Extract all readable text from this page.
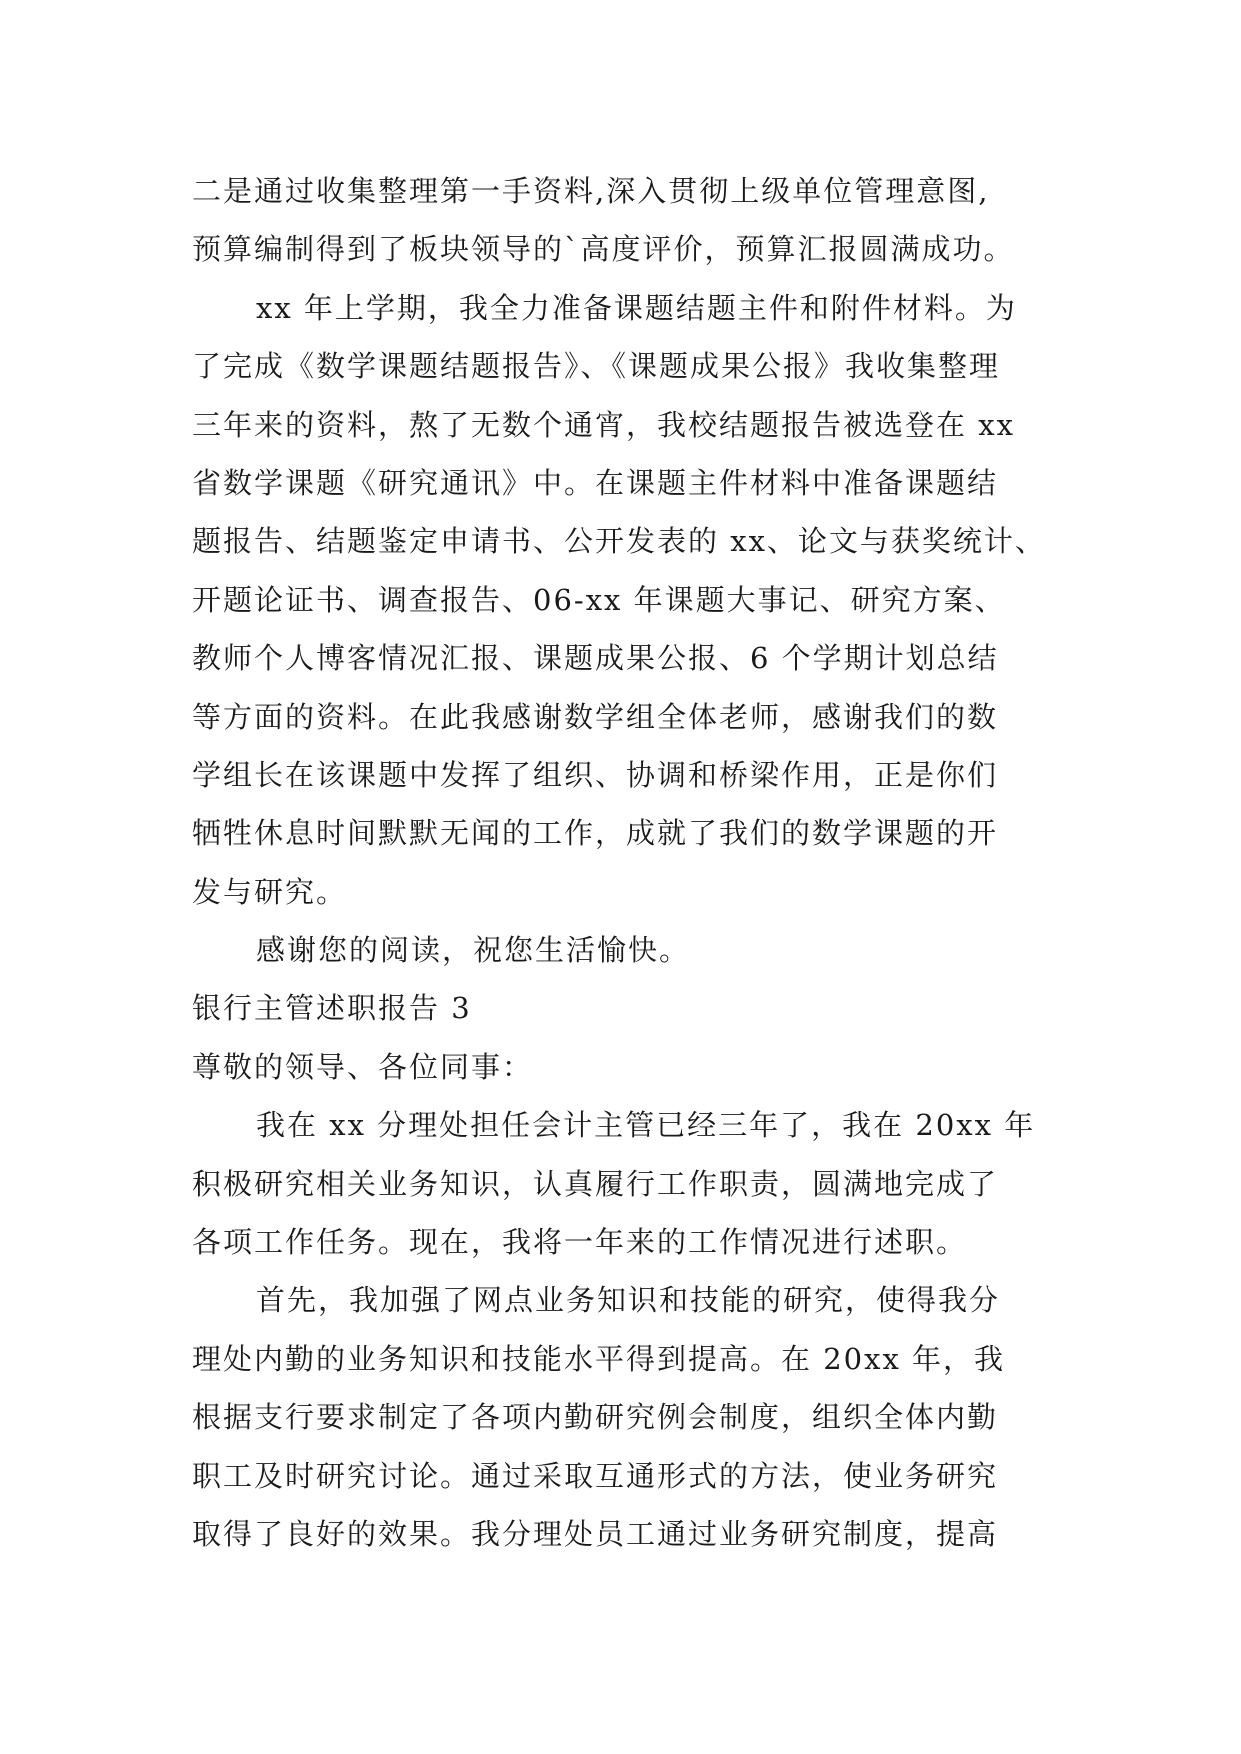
二是通过收集整理第一手资料,深入贯彻上级单位管理意图,
预算编制得到了板块领导的`高度评价，预算汇报圆满成功。
xx 年上学期，我全力准备课题结题主件和附件材料。为
了完成《数学课题结题报告》、《课题成果公报》我收集整理
三年来的资料，熬了无数个通宵，我校结题报告被选登在 xx
省数学课题《研究通讯》中。在课题主件材料中准备课题结
题报告、结题鉴定申请书、公开发表的 xx、论文与获奖统计、
开题论证书、调查报告、06-xx 年课题大事记、研究方案、
教师个人博客情况汇报、课题成果公报、6 个学期计划总结
等方面的资料。在此我感谢数学组全体老师，感谢我们的数
学组长在该课题中发挥了组织、协调和桥梁作用，正是你们
牺牲休息时间默默无闻的工作，成就了我们的数学课题的开
发与研究。
感谢您的阅读，祝您生活愉快。
银行主管述职报告 3
尊敬的领导、各位同事：
我在 xx 分理处担任会计主管已经三年了，我在 20xx 年
积极研究相关业务知识，认真履行工作职责，圆满地完成了
各项工作任务。现在，我将一年来的工作情况进行述职。
首先，我加强了网点业务知识和技能的研究，使得我分
理处内勤的业务知识和技能水平得到提高。在 20xx 年，我
根据支行要求制定了各项内勤研究例会制度，组织全体内勤
职工及时研究讨论。通过采取互通形式的方法，使业务研究
取得了良好的效果。我分理处员工通过业务研究制度，提高
